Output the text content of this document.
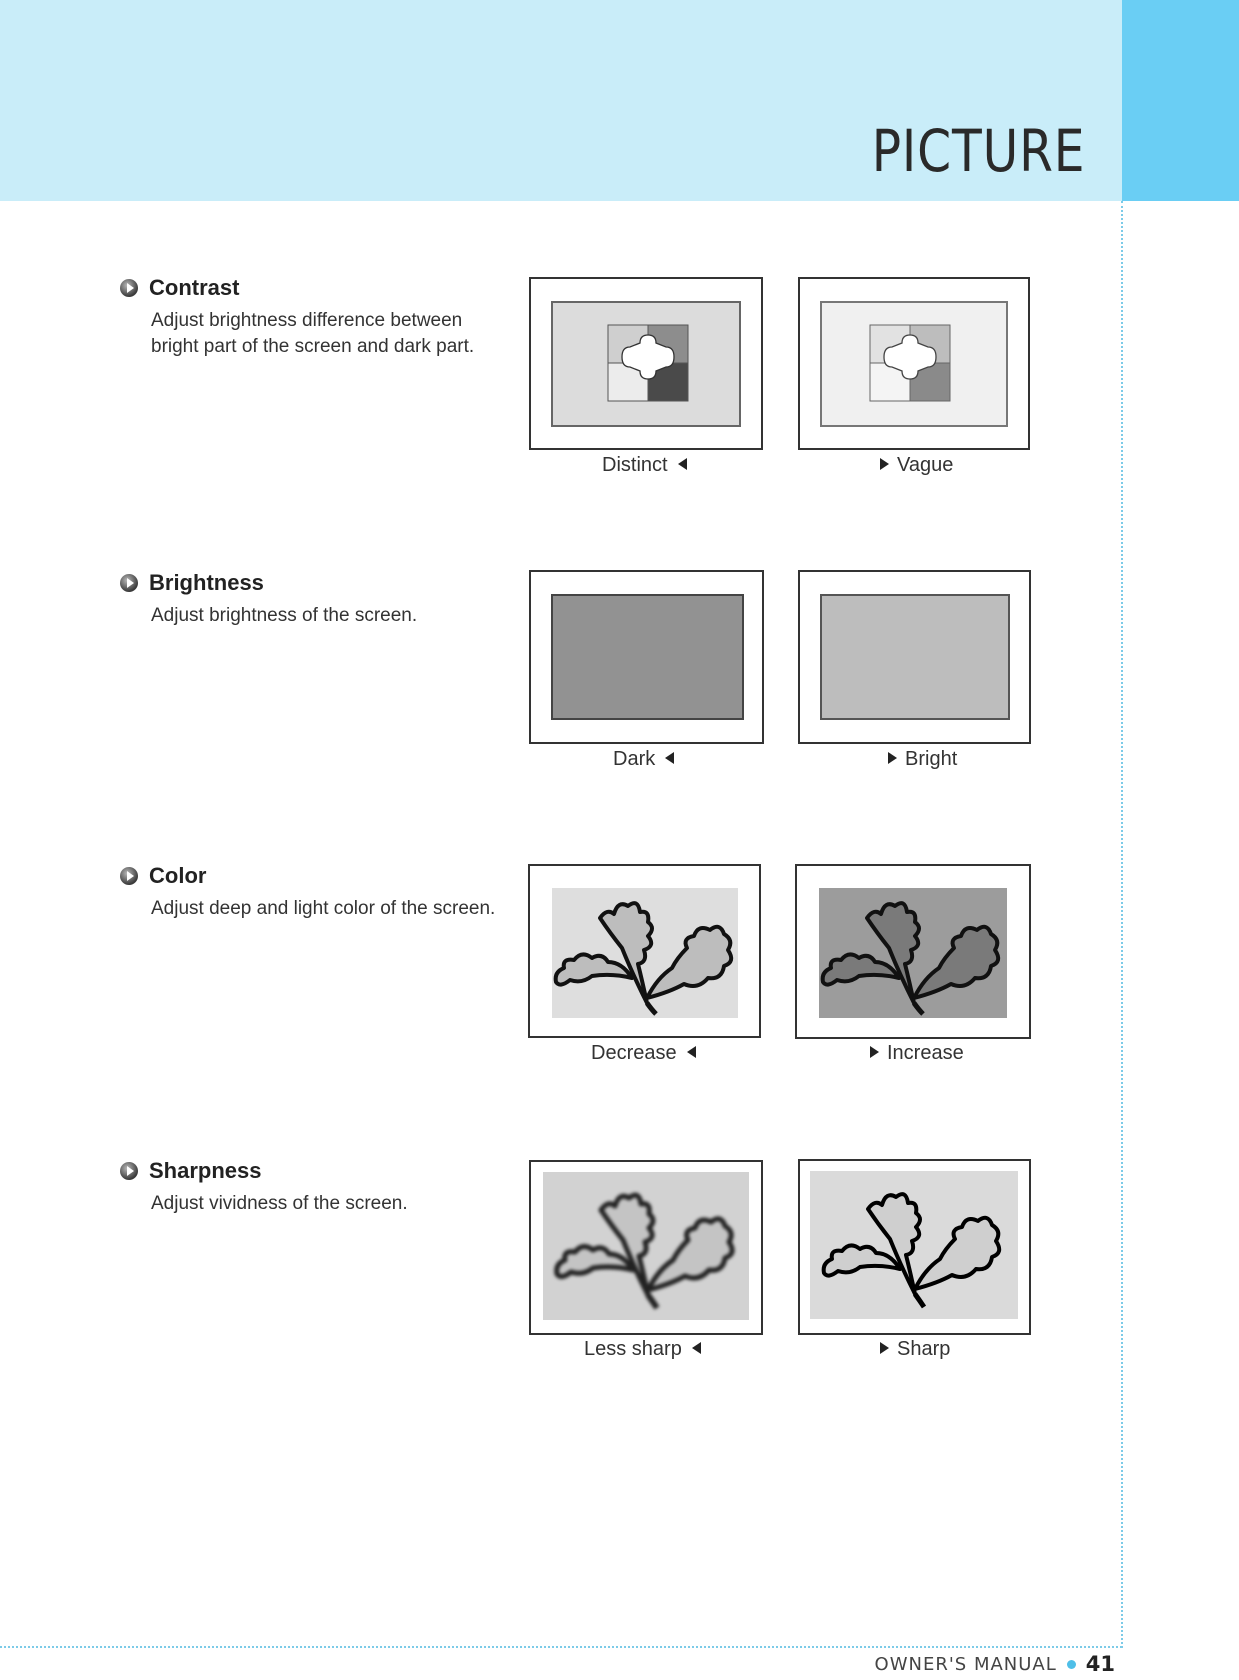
PICTURE
Contrast
Adjust brightness difference between
bright part of the screen and dark part.
Distinct	Vague
Brightness
Adjust brightness of the screen.
Dark	Bright
Color
Adjust deep and light color of the screen.
Decrease	Increase
Sharpness
Adjust vividness of the screen.
Less sharp	Sharp
OWNER'S MANUAL 41
